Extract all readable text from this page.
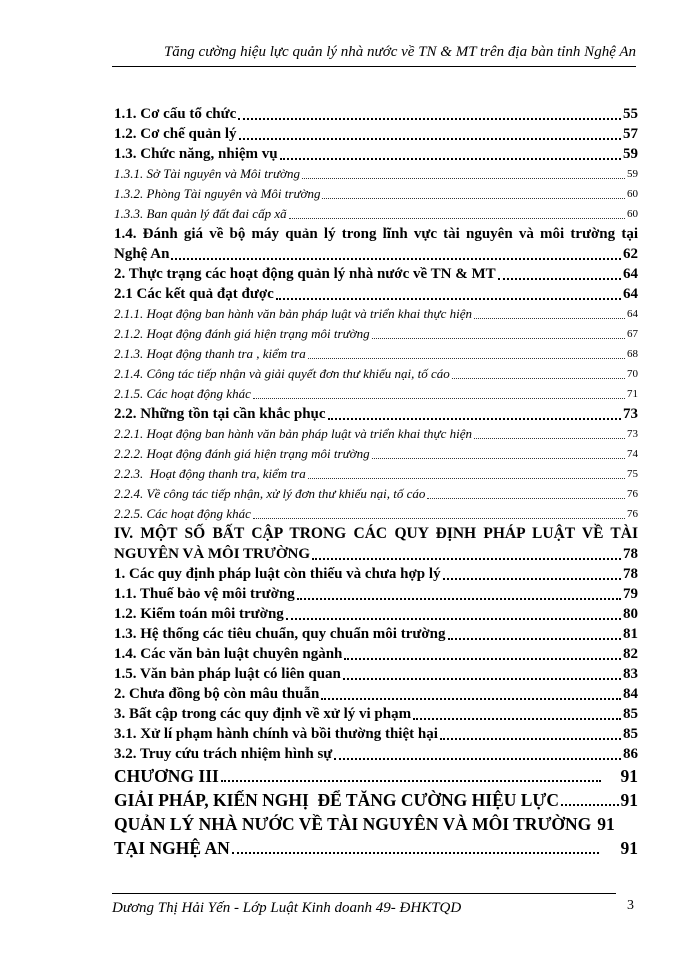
Tăng cường hiệu lực quản lý nhà nước về TN & MT trên địa bàn tỉnh Nghệ An
1.1. Cơ cấu tổ chức	55
1.2. Cơ chế quản lý	57
1.3. Chức năng, nhiệm vụ	59
1.3.1. Sở Tài nguyên và Môi trường	59
1.3.2. Phòng Tài nguyên và Môi trường	60
1.3.3. Ban quản lý đất đai cấp xã	60
1.4. Đánh giá về bộ máy quản lý trong lĩnh vực tài nguyên và môi trường tại
Nghệ An	62
2. Thực trạng các hoạt động quản lý nhà nước về TN & MT	64
2.1 Các kết quả đạt được	64
2.1.1. Hoạt động ban hành văn bản pháp luật và triển khai thực hiện	64
2.1.2. Hoạt động đánh giá hiện trạng môi trường	67
2.1.3. Hoạt động thanh tra , kiểm tra	68
2.1.4. Công tác tiếp nhận và giải quyết đơn thư khiếu nại, tố cáo	70
2.1.5. Các hoạt động khác	71
2.2. Những tồn tại cần khắc phục	73
2.2.1. Hoạt động ban hành văn bản pháp luật và triển khai thực hiện	73
2.2.2. Hoạt động đánh giá hiện trạng môi trường	74
2.2.3.  Hoạt động thanh tra, kiểm tra	75
2.2.4. Về công tác tiếp nhận, xử lý đơn thư khiếu nại, tố cáo	76
2.2.5. Các hoạt động khác	76
IV. MỘT SỐ BẤT CẬP TRONG CÁC QUY ĐỊNH PHÁP LUẬT VỀ TÀI
NGUYÊN VÀ MÔI TRƯỜNG	78
1. Các quy định pháp luật còn thiếu và chưa hợp lý	78
1.1. Thuế bảo vệ môi trường	79
1.2. Kiểm toán môi trường	80
1.3. Hệ thống các tiêu chuẩn, quy chuẩn môi trường	81
1.4. Các văn bản luật chuyên ngành	82
1.5. Văn bản pháp luật có liên quan	83
2. Chưa đồng bộ còn mâu thuẫn	84
3. Bất cập trong các quy định về xử lý vi phạm	85
3.1. Xử lí phạm hành chính và bồi thường thiệt hại	85
3.2. Truy cứu trách nhiệm hình sự	86
CHƯƠNG III	91
GIẢI PHÁP, KIẾN NGHỊ  ĐỂ TĂNG CƯỜNG HIỆU LỰC	91
QUẢN LÝ NHÀ NƯỚC VỀ TÀI NGUYÊN VÀ MÔI TRƯỜNG 91
TẠI NGHỆ AN	91
Dương Thị Hải Yến - Lớp Luật Kinh doanh 49- ĐHKTQD	3
